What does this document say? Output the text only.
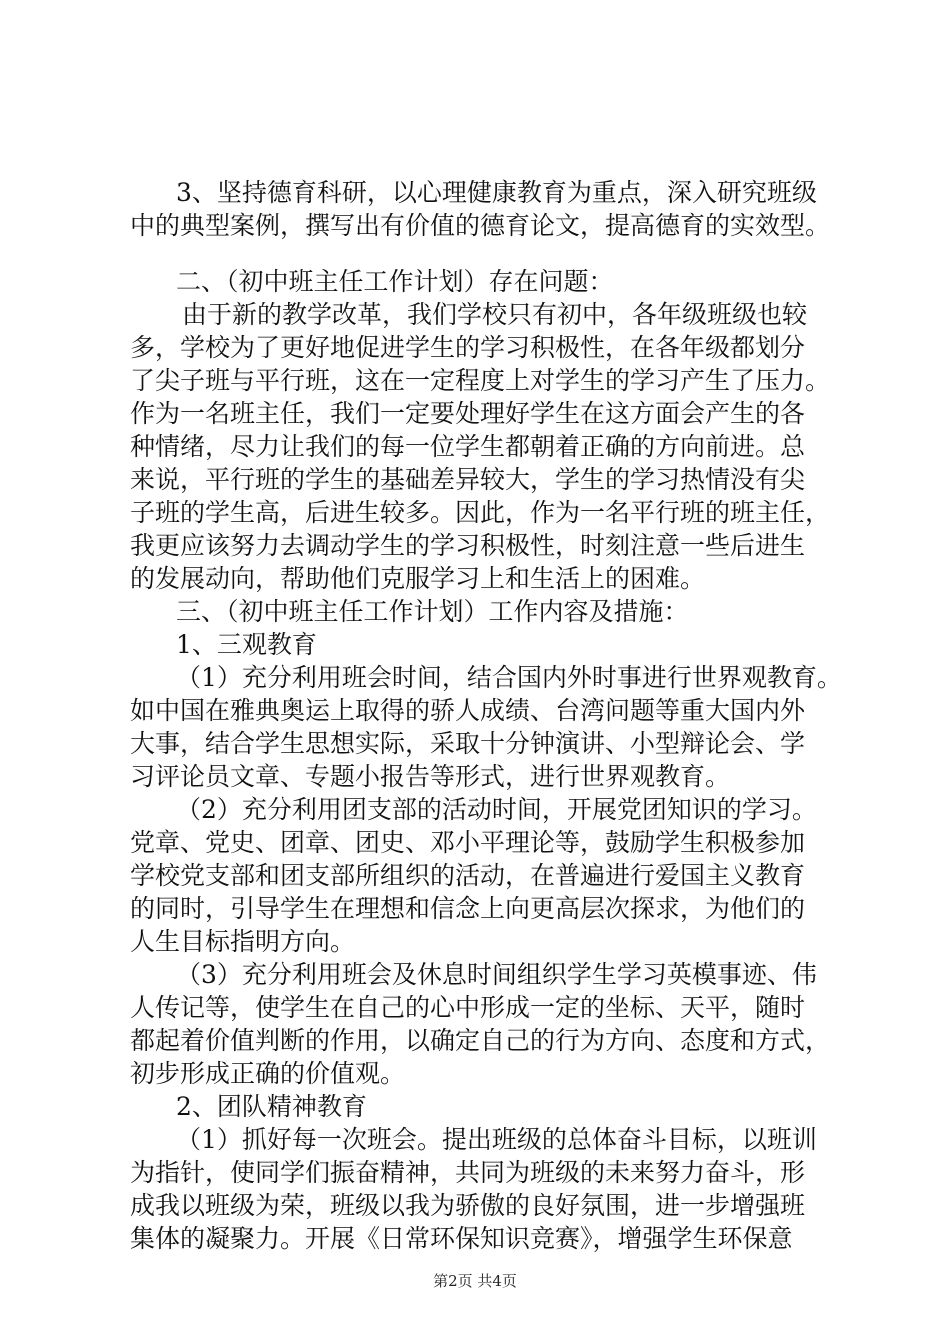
3、坚持德育科研，以心理健康教育为重点，深入研究班级

中的典型案例，撰写出有价值的德育论文，提高德育的实效型。

二、（初中班主任工作计划）存在问题：

由于新的教学改革，我们学校只有初中，各年级班级也较

多，学校为了更好地促进学生的学习积极性，在各年级都划分

了尖子班与平行班，这在一定程度上对学生的学习产生了压力。

作为一名班主任，我们一定要处理好学生在这方面会产生的各

种情绪，尽力让我们的每一位学生都朝着正确的方向前进。总

来说，平行班的学生的基础差异较大，学生的学习热情没有尖

子班的学生高，后进生较多。因此，作为一名平行班的班主任，

我更应该努力去调动学生的学习积极性，时刻注意一些后进生

的发展动向，帮助他们克服学习上和生活上的困难。

三、（初中班主任工作计划）工作内容及措施：

1、三观教育

（1）充分利用班会时间，结合国内外时事进行世界观教育。

如中国在雅典奥运上取得的骄人成绩、台湾问题等重大国内外

大事，结合学生思想实际，采取十分钟演讲、小型辩论会、学

习评论员文章、专题小报告等形式，进行世界观教育。

（2）充分利用团支部的活动时间，开展党团知识的学习。

党章、党史、团章、团史、邓小平理论等，鼓励学生积极参加

学校党支部和团支部所组织的活动，在普遍进行爱国主义教育

的同时，引导学生在理想和信念上向更高层次探求，为他们的

人生目标指明方向。

（3）充分利用班会及休息时间组织学生学习英模事迹、伟

人传记等，使学生在自己的心中形成一定的坐标、天平，随时

都起着价值判断的作用，以确定自己的行为方向、态度和方式，

初步形成正确的价值观。

2、团队精神教育

（1）抓好每一次班会。提出班级的总体奋斗目标，以班训

为指针，使同学们振奋精神，共同为班级的未来努力奋斗，形

成我以班级为荣，班级以我为骄傲的良好氛围，进一步增强班

集体的凝聚力。开展《日常环保知识竞赛》，增强学生环保意

第2页 共4页
